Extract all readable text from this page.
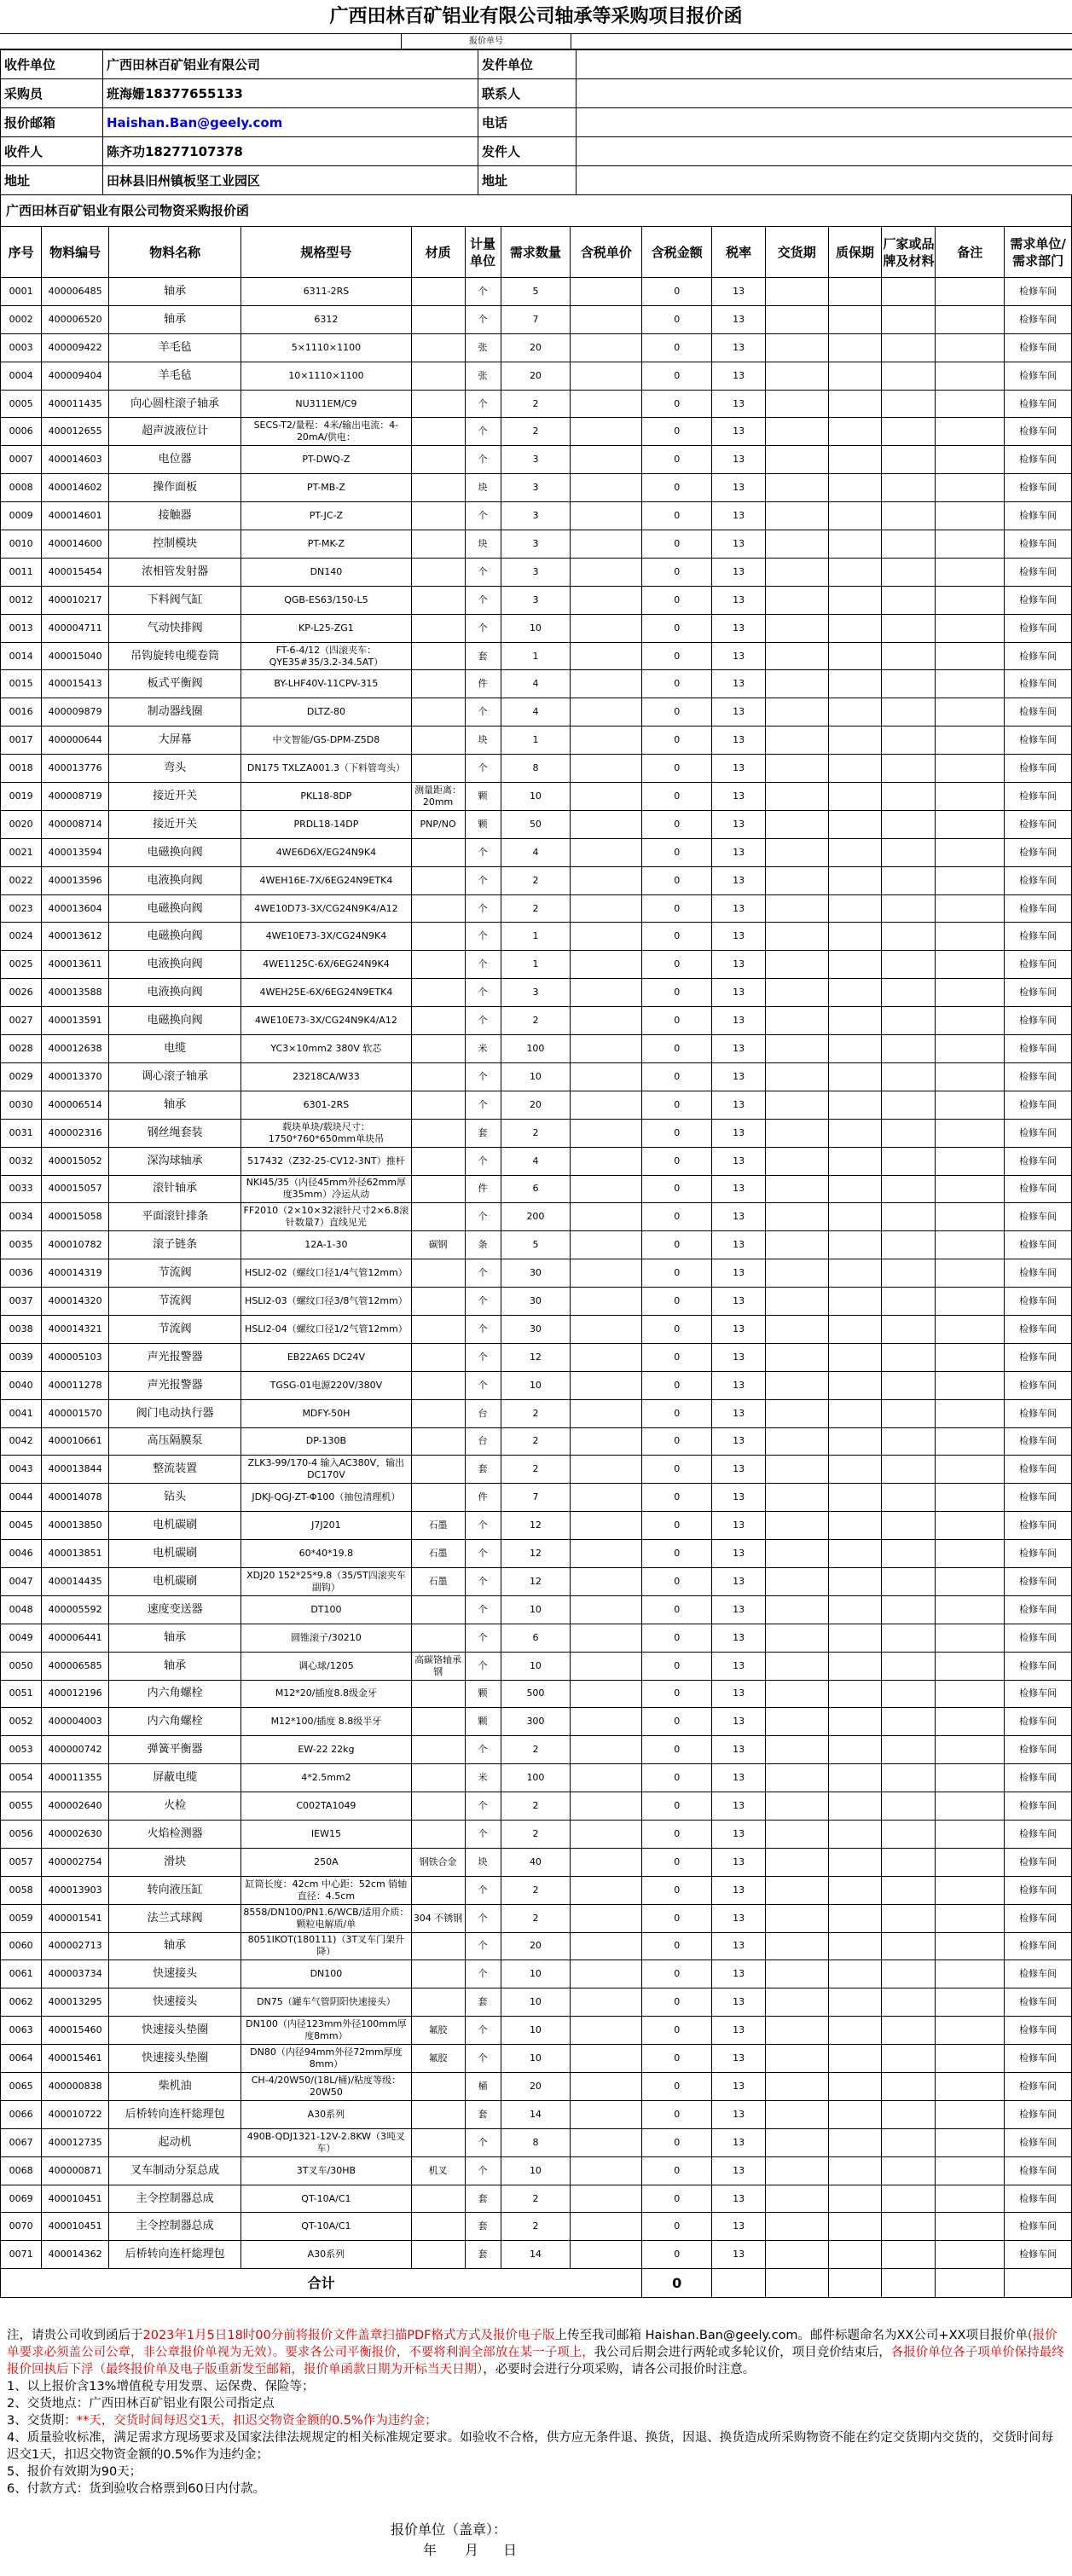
广西田林百矿铝业有限公司轴承等采购项目报价函
报价单号
收件单位	广西田林百矿铝业有限公司	发件单位	
采购员	班海姗18377655133	联系人	
报价邮箱	Haishan.Ban@geely.com	电话	
收件人	陈齐功18277107378	发件人	
地址	田林县旧州镇板坚工业园区	地址	
广西田林百矿铝业有限公司物资采购报价函
序号	物料编号	物料名称	规格型号	材质	计量单位	需求数量	含税单价	含税金额	税率	交货期	质保期	厂家或品牌及材料	备注	需求单位/需求部门
0001	400006485	轴承	6311-2RS		个	5		0	13					检修车间
0002	400006520	轴承	6312		个	7		0	13					检修车间
0003	400009422	羊毛毡	5×1110×1100		张	20		0	13					检修车间
0004	400009404	羊毛毡	10×1110×1100		张	20		0	13					检修车间
0005	400011435	向心圆柱滚子轴承	NU311EM/C9		个	2		0	13					检修车间
0006	400012655	超声波液位计	SECS-T2/量程：4米/输出电流：4-20mA/供电：		个	2		0	13					检修车间
0007	400014603	电位器	PT-DWQ-Z		个	3		0	13					检修车间
0008	400014602	操作面板	PT-MB-Z		块	3		0	13					检修车间
0009	400014601	接触器	PT-JC-Z		个	3		0	13					检修车间
0010	400014600	控制模块	PT-MK-Z		块	3		0	13					检修车间
0011	400015454	浓相管发射器	DN140		个	3		0	13					检修车间
0012	400010217	下料阀气缸	QGB-ES63/150-L5		个	3		0	13					检修车间
0013	400004711	气动快排阀	KP-L25-ZG1		个	10		0	13					检修车间
0014	400015040	吊钩旋转电缆卷筒	FT-6-4/12（四滚夹车：QYE35#35/3.2-34.5AT）		套	1		0	13					检修车间
0015	400015413	板式平衡阀	BY-LHF40V-11CPV-315		件	4		0	13					检修车间
0016	400009879	制动器线圈	DLTZ-80		个	4		0	13					检修车间
0017	400000644	大屏幕	中文智能/GS-DPM-Z5D8		块	1		0	13					检修车间
0018	400013776	弯头	DN175 TXLZA001.3（下料管弯头）		个	8		0	13					检修车间
0019	400008719	接近开关	PKL18-8DP	测量距离：20mm	颗	10		0	13					检修车间
0020	400008714	接近开关	PRDL18-14DP	PNP/NO	颗	50		0	13					检修车间
0021	400013594	电磁换向阀	4WE6D6X/EG24N9K4		个	4		0	13					检修车间
0022	400013596	电液换向阀	4WEH16E-7X/6EG24N9ETK4		个	2		0	13					检修车间
0023	400013604	电磁换向阀	4WE10D73-3X/CG24N9K4/A12		个	2		0	13					检修车间
0024	400013612	电磁换向阀	4WE10E73-3X/CG24N9K4		个	1		0	13					检修车间
0025	400013611	电液换向阀	4WE1125C-6X/6EG24N9K4		个	1		0	13					检修车间
0026	400013588	电液换向阀	4WEH25E-6X/6EG24N9ETK4		个	3		0	13					检修车间
0027	400013591	电磁换向阀	4WE10E73-3X/CG24N9K4/A12		个	2		0	13					检修车间
0028	400012638	电缆	YC3×10mm2 380V 软芯		米	100		0	13					检修车间
0029	400013370	调心滚子轴承	23218CA/W33		个	10		0	13					检修车间
0030	400006514	轴承	6301-2RS		个	20		0	13					检修车间
0031	400002316	钢丝绳套装	载块单块/载块尺寸：1750*760*650mm单块吊		套	2		0	13					检修车间
0032	400015052	深沟球轴承	517432（Z32-25-CV12-3NT）推杆		个	4		0	13					检修车间
0033	400015057	滚针轴承	NKI45/35（内径45mm外径62mm厚度35mm）冷运从动		件	6		0	13					检修车间
0034	400015058	平面滚针排条	FF2010（2×10×32滚针尺寸2×6.8滚针数量7）直线见光		个	200		0	13					检修车间
0035	400010782	滚子链条	12A-1-30	碳钢	条	5		0	13					检修车间
0036	400014319	节流阀	HSLI2-02（螺纹口径1/4气管12mm）		个	30		0	13					检修车间
0037	400014320	节流阀	HSLI2-03（螺纹口径3/8气管12mm）		个	30		0	13					检修车间
0038	400014321	节流阀	HSLI2-04（螺纹口径1/2气管12mm）		个	30		0	13					检修车间
0039	400005103	声光报警器	EB22A6S DC24V		个	12		0	13					检修车间
0040	400011278	声光报警器	TGSG-01电源220V/380V		个	10		0	13					检修车间
0041	400001570	阀门电动执行器	MDFY-50H		台	2		0	13					检修车间
0042	400010661	高压隔膜泵	DP-130B		台	2		0	13					检修车间
0043	400013844	整流装置	ZLK3-99/170-4 输入AC380V，输出DC170V		套	2		0	13					检修车间
0044	400014078	钻头	JDKJ-QGJ-ZT-Φ100（抽包清理机）		件	7		0	13					检修车间
0045	400013850	电机碳刷	J7J201	石墨	个	12		0	13					检修车间
0046	400013851	电机碳刷	60*40*19.8	石墨	个	12		0	13					检修车间
0047	400014435	电机碳刷	XDJ20 152*25*9.8（35/5T四滚夹车副钩）	石墨	个	12		0	13					检修车间
0048	400005592	速度变送器	DT100		个	10		0	13					检修车间
0049	400006441	轴承	圆锥滚子/30210		个	6		0	13					检修车间
0050	400006585	轴承	调心球/1205	高碳铬轴承钢	个	10		0	13					检修车间
0051	400012196	内六角螺栓	M12*20/插度8.8级金牙		颗	500		0	13					检修车间
0052	400004003	内六角螺栓	M12*100/插度 8.8级半牙		颗	300		0	13					检修车间
0053	400000742	弹簧平衡器	EW-22 22kg		个	2		0	13					检修车间
0054	400011355	屏蔽电缆	4*2.5mm2		米	100		0	13					检修车间
0055	400002640	火检	C002TA1049		个	2		0	13					检修车间
0056	400002630	火焰检测器	IEW15		个	2		0	13					检修车间
0057	400002754	滑块	250A	钢铁合金	块	40		0	13					检修车间
0058	400013903	转向液压缸	缸筒长度：42cm 中心距：52cm 销轴直径：4.5cm		个	2		0	13					检修车间
0059	400001541	法兰式球阀	8558/DN100/PN1.6/WCB/适用介质：颗粒电解质/单	304 不锈钢	个	2		0	13					检修车间
0060	400002713	轴承	8051IKOT(180111)（3T叉车门架升降）		个	20		0	13					检修车间
0061	400003734	快速接头	DN100		个	10		0	13					检修车间
0062	400013295	快速接头	DN75（罐车气管阴阳快速接头）		套	10		0	13					检修车间
0063	400015460	快速接头垫圈	DN100（内径123mm外径100mm厚度8mm）	氟胶	个	10		0	13					检修车间
0064	400015461	快速接头垫圈	DN80（内径94mm外径72mm厚度8mm）	氟胶	个	10		0	13					检修车间
0065	400000838	柴机油	CH-4/20W50/(18L/桶)/粘度等级：20W50		桶	20		0	13					检修车间
0066	400010722	后桥转向连杆総理包	A30系列		套	14		0	13					检修车间
0067	400012735	起动机	490B-QDJ1321-12V-2.8KW（3吨叉车）		个	8		0	13					检修车间
0068	400000871	叉车制动分泵总成	3T叉车/30HB	机叉	个	10		0	13					检修车间
0069	400010451	主令控制器总成	QT-10A/C1		套	2		0	13					检修车间
0070	400010451	主令控制器总成	QT-10A/C1		套	2		0	13					检修车间
0071	400014362	后桥转向连杆総理包	A30系列		套	14		0	13					检修车间
合计								0						
注，请贵公司收到函后于2023年1月5日18时00分前将报价文件盖章扫描PDF格式方式及报价电子版上传至我司邮箱 Haishan.Ban@geely.com。邮件标题命名为XX公司+XX项目报价单(报价单要求必须盖公司公章，非公章报价单视为无效）。要求各公司平衡报价，不要将利润全部放在某一子项上，我公司后期会进行两轮或多轮议价，项目竞价结束后，各报价单位各子项单价保持最终报价回执后下浮（最终报价单及电子版重新发至邮箱，报价单函款日期为开标当天日期），必要时会进行分项采购，请各公司报价时注意。
1、以上报价含13%增值税专用发票、运保费、保险等；
2、交货地点：广西田林百矿铝业有限公司指定点
3、交货期：**天，交货时间每迟交1天，扣迟交物资金额的0.5%作为违约金；
4、质量验收标准，满足需求方现场要求及国家法律法规规定的相关标准规定要求。如验收不合格，供方应无条件退、换货，因退、换货造成所采购物资不能在约定交货期内交货的，交货时间每迟交1天，扣迟交物资金额的0.5%作为违约金；
5、报价有效期为90天；
6、付款方式：货到验收合格票到60日内付款。
报价单位（盖章）：
年 月 日
